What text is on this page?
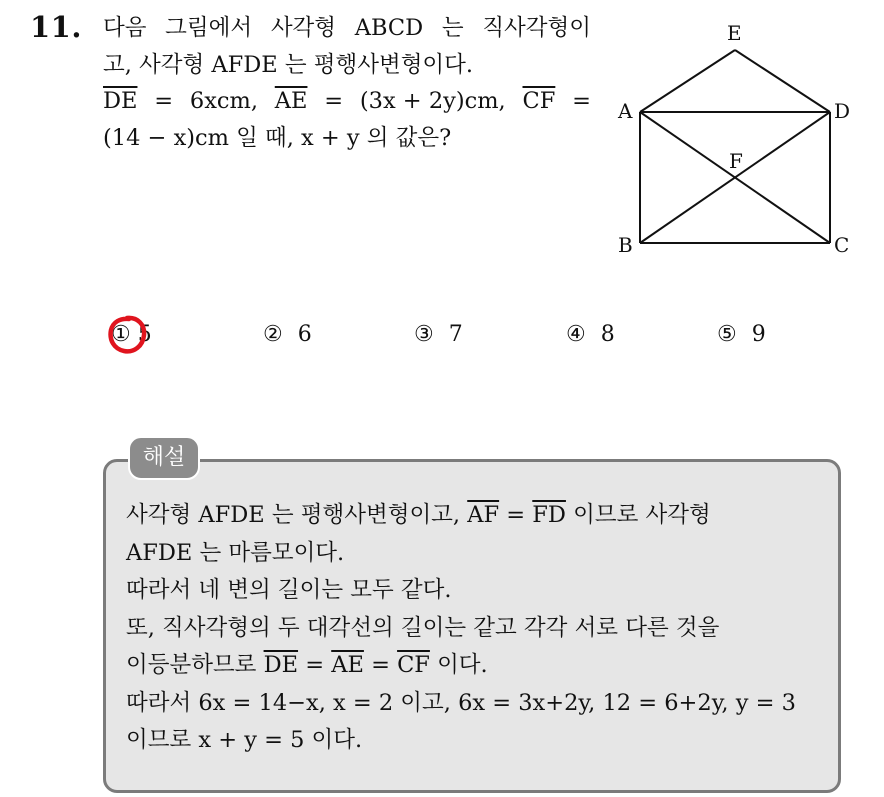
11. 다음 그림에서 사각형 ABCD 는 직사각형이
고, 사각형 AFDE 는 평행사변형이다.
$\overline{DE} = 6xcm$, $\overline{AE} = (3x + 2y)cm$, $\overline{CF}$ =
(14 − x)cm 일 때, x + y 의 값은?
E
A	D
F
B	C
① 5	② 6	③ 7	④ 8	⑤ 9
해설
사각형 AFDE 는 평행사변형이고, $\overline{AF} = \overline{FD}$ 이므로 사각형
AFDE 는 마름모이다.
따라서 네 변의 길이는 모두 같다.
또, 직사각형의 두 대각선의 길이는 같고 각각 서로 다른 것을
이등분하므로 $\overline{DE} = \overline{AE} = \overline{CF}$ 이다.
따라서 6x = 14−x, x = 2 이고, 6x = 3x+2y, 12 = 6+2y, y = 3
이므로 x + y = 5 이다.
